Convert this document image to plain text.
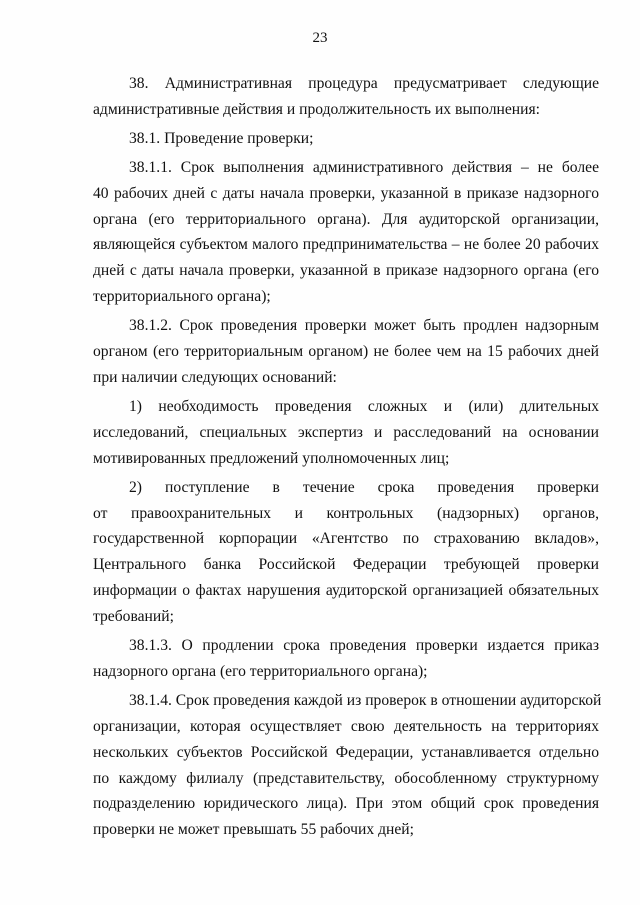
23
38. Административная процедура предусматривает следующие
административные действия и продолжительность их выполнения:
38.1. Проведение проверки;
38.1.1. Срок выполнения административного действия – не более
40 рабочих дней с даты начала проверки, указанной в приказе надзорного
органа (его территориального органа). Для аудиторской организации,
являющейся субъектом малого предпринимательства – не более 20 рабочих
дней с даты начала проверки, указанной в приказе надзорного органа (его
территориального органа);
38.1.2. Срок проведения проверки может быть продлен надзорным
органом (его территориальным органом) не более чем на 15 рабочих дней
при наличии следующих оснований:
1) необходимость проведения сложных и (или) длительных
исследований, специальных экспертиз и расследований на основании
мотивированных предложений уполномоченных лиц;
2) поступление в течение срока проведения проверки
от правоохранительных и контрольных (надзорных) органов,
государственной корпорации «Агентство по страхованию вкладов»,
Центрального банка Российской Федерации требующей проверки
информации о фактах нарушения аудиторской организацией обязательных
требований;
38.1.3. О продлении срока проведения проверки издается приказ
надзорного органа (его территориального органа);
38.1.4. Срок проведения каждой из проверок в отношении аудиторской
организации, которая осуществляет свою деятельность на территориях
нескольких субъектов Российской Федерации, устанавливается отдельно
по каждому филиалу (представительству, обособленному структурному
подразделению юридического лица). При этом общий срок проведения
проверки не может превышать 55 рабочих дней;
